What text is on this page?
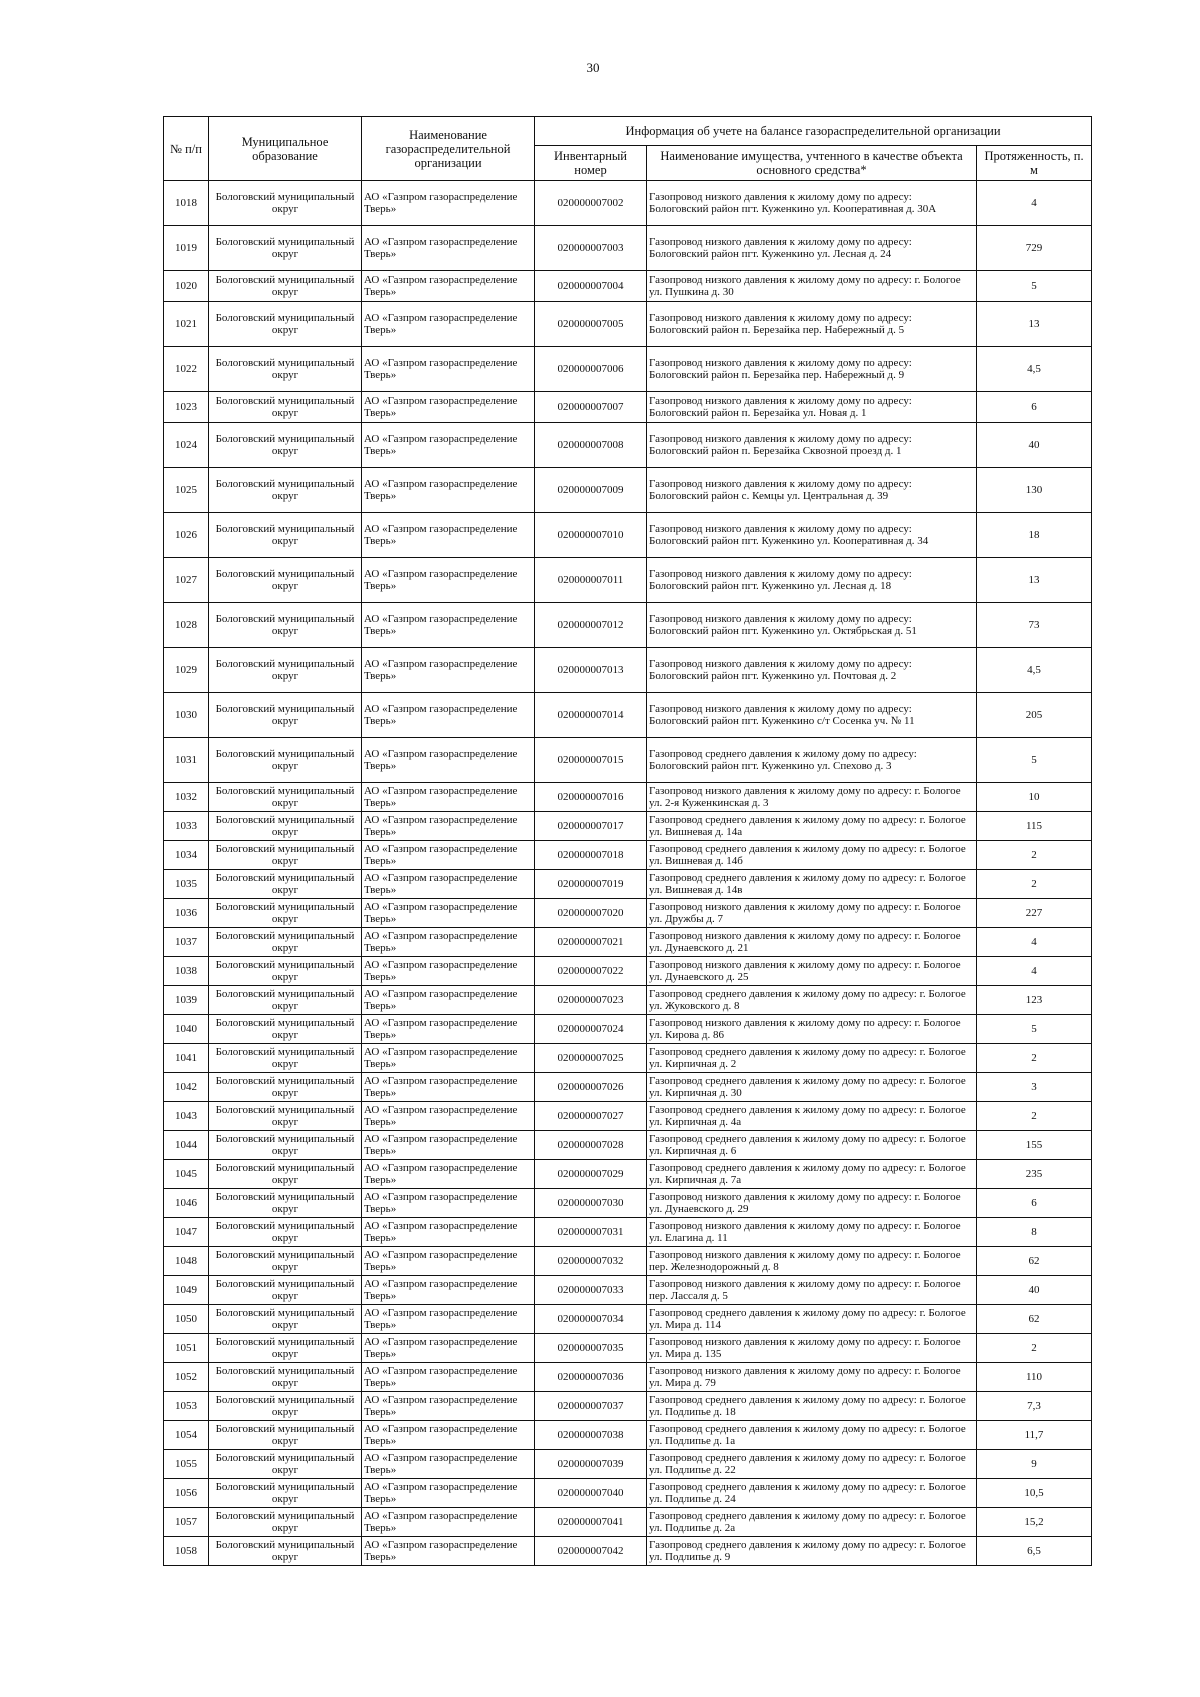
30
№ п/п	Муниципальное образование	Наименование газораспределительной организации	Информация об учете на балансе газораспределительной организации		
			Инвентарный номер	Наименование имущества, учтенного в качестве объекта основного средства*	Протяженность, п. м
1018	Бологовский муниципальный округ	АО «Газпром газораспределение Тверь»	020000007002	Газопровод низкого давления к жилому дому по адресу: Бологовский район пгт. Куженкино ул. Кооперативная д. 30А	4
1019	Бологовский муниципальный округ	АО «Газпром газораспределение Тверь»	020000007003	Газопровод низкого давления к жилому дому по адресу: Бологовский район пгт. Куженкино ул. Лесная д. 24	729
1020	Бологовский муниципальный округ	АО «Газпром газораспределение Тверь»	020000007004	Газопровод низкого давления к жилому дому по адресу: г. Бологое ул. Пушкина д. 30	5
1021	Бологовский муниципальный округ	АО «Газпром газораспределение Тверь»	020000007005	Газопровод низкого давления к жилому дому по адресу: Бологовский район п. Березайка пер. Набережный д. 5	13
1022	Бологовский муниципальный округ	АО «Газпром газораспределение Тверь»	020000007006	Газопровод низкого давления к жилому дому по адресу: Бологовский район п. Березайка пер. Набережный д. 9	4,5
1023	Бологовский муниципальный округ	АО «Газпром газораспределение Тверь»	020000007007	Газопровод низкого давления к жилому дому по адресу: Бологовский район п. Березайка ул. Новая д. 1	6
1024	Бологовский муниципальный округ	АО «Газпром газораспределение Тверь»	020000007008	Газопровод низкого давления к жилому дому по адресу: Бологовский район п. Березайка Сквозной проезд д. 1	40
1025	Бологовский муниципальный округ	АО «Газпром газораспределение Тверь»	020000007009	Газопровод низкого давления к жилому дому по адресу: Бологовский район с. Кемцы ул. Центральная д. 39	130
1026	Бологовский муниципальный округ	АО «Газпром газораспределение Тверь»	020000007010	Газопровод низкого давления к жилому дому по адресу: Бологовский район пгт. Куженкино ул. Кооперативная д. 34	18
1027	Бологовский муниципальный округ	АО «Газпром газораспределение Тверь»	020000007011	Газопровод низкого давления к жилому дому по адресу: Бологовский район пгт. Куженкино ул. Лесная д. 18	13
1028	Бологовский муниципальный округ	АО «Газпром газораспределение Тверь»	020000007012	Газопровод низкого давления к жилому дому по адресу: Бологовский район пгт. Куженкино ул. Октябрьская д. 51	73
1029	Бологовский муниципальный округ	АО «Газпром газораспределение Тверь»	020000007013	Газопровод низкого давления к жилому дому по адресу: Бологовский район пгт. Куженкино ул. Почтовая д. 2	4,5
1030	Бологовский муниципальный округ	АО «Газпром газораспределение Тверь»	020000007014	Газопровод низкого давления к жилому дому по адресу: Бологовский район пгт. Куженкино с/т Сосенка уч. № 11	205
1031	Бологовский муниципальный округ	АО «Газпром газораспределение Тверь»	020000007015	Газопровод среднего давления к жилому дому по адресу: Бологовский район пгт. Куженкино ул. Спехово д. 3	5
1032	Бологовский муниципальный округ	АО «Газпром газораспределение Тверь»	020000007016	Газопровод низкого давления к жилому дому по адресу: г. Бологое ул. 2-я Куженкинская д. 3	10
1033	Бологовский муниципальный округ	АО «Газпром газораспределение Тверь»	020000007017	Газопровод среднего давления к жилому дому по адресу: г. Бологое ул. Вишневая д. 14а	115
1034	Бологовский муниципальный округ	АО «Газпром газораспределение Тверь»	020000007018	Газопровод среднего давления к жилому дому по адресу: г. Бологое ул. Вишневая д. 14б	2
1035	Бологовский муниципальный округ	АО «Газпром газораспределение Тверь»	020000007019	Газопровод среднего давления к жилому дому по адресу: г. Бологое ул. Вишневая д. 14в	2
1036	Бологовский муниципальный округ	АО «Газпром газораспределение Тверь»	020000007020	Газопровод низкого давления к жилому дому по адресу: г. Бологое ул. Дружбы д. 7	227
1037	Бологовский муниципальный округ	АО «Газпром газораспределение Тверь»	020000007021	Газопровод низкого давления к жилому дому по адресу: г. Бологое ул. Дунаевского д. 21	4
1038	Бологовский муниципальный округ	АО «Газпром газораспределение Тверь»	020000007022	Газопровод низкого давления к жилому дому по адресу: г. Бологое ул. Дунаевского д. 25	4
1039	Бологовский муниципальный округ	АО «Газпром газораспределение Тверь»	020000007023	Газопровод среднего давления к жилому дому по адресу: г. Бологое ул. Жуковского д. 8	123
1040	Бологовский муниципальный округ	АО «Газпром газораспределение Тверь»	020000007024	Газопровод низкого давления к жилому дому по адресу: г. Бологое ул. Кирова д. 86	5
1041	Бологовский муниципальный округ	АО «Газпром газораспределение Тверь»	020000007025	Газопровод среднего давления к жилому дому по адресу: г. Бологое ул. Кирпичная д. 2	2
1042	Бологовский муниципальный округ	АО «Газпром газораспределение Тверь»	020000007026	Газопровод среднего давления к жилому дому по адресу: г. Бологое ул. Кирпичная д. 30	3
1043	Бологовский муниципальный округ	АО «Газпром газораспределение Тверь»	020000007027	Газопровод среднего давления к жилому дому по адресу: г. Бологое ул. Кирпичная д. 4а	2
1044	Бологовский муниципальный округ	АО «Газпром газораспределение Тверь»	020000007028	Газопровод среднего давления к жилому дому по адресу: г. Бологое ул. Кирпичная д. 6	155
1045	Бологовский муниципальный округ	АО «Газпром газораспределение Тверь»	020000007029	Газопровод среднего давления к жилому дому по адресу: г. Бологое ул. Кирпичная д. 7а	235
1046	Бологовский муниципальный округ	АО «Газпром газораспределение Тверь»	020000007030	Газопровод низкого давления к жилому дому по адресу: г. Бологое ул. Дунаевского д. 29	6
1047	Бологовский муниципальный округ	АО «Газпром газораспределение Тверь»	020000007031	Газопровод низкого давления к жилому дому по адресу: г. Бологое ул. Елагина д. 11	8
1048	Бологовский муниципальный округ	АО «Газпром газораспределение Тверь»	020000007032	Газопровод низкого давления к жилому дому по адресу: г. Бологое пер. Железнодорожный д. 8	62
1049	Бологовский муниципальный округ	АО «Газпром газораспределение Тверь»	020000007033	Газопровод низкого давления к жилому дому по адресу: г. Бологое пер. Лассаля д. 5	40
1050	Бологовский муниципальный округ	АО «Газпром газораспределение Тверь»	020000007034	Газопровод среднего давления к жилому дому по адресу: г. Бологое ул. Мира д. 114	62
1051	Бологовский муниципальный округ	АО «Газпром газораспределение Тверь»	020000007035	Газопровод низкого давления к жилому дому по адресу: г. Бологое ул. Мира д. 135	2
1052	Бологовский муниципальный округ	АО «Газпром газораспределение Тверь»	020000007036	Газопровод низкого давления к жилому дому по адресу: г. Бологое ул. Мира д. 79	110
1053	Бологовский муниципальный округ	АО «Газпром газораспределение Тверь»	020000007037	Газопровод среднего давления к жилому дому по адресу: г. Бологое ул. Подлипье д. 18	7,3
1054	Бологовский муниципальный округ	АО «Газпром газораспределение Тверь»	020000007038	Газопровод среднего давления к жилому дому по адресу: г. Бологое ул. Подлипье д. 1а	11,7
1055	Бологовский муниципальный округ	АО «Газпром газораспределение Тверь»	020000007039	Газопровод среднего давления к жилому дому по адресу: г. Бологое ул. Подлипье д. 22	9
1056	Бологовский муниципальный округ	АО «Газпром газораспределение Тверь»	020000007040	Газопровод среднего давления к жилому дому по адресу: г. Бологое ул. Подлипье д. 24	10,5
1057	Бологовский муниципальный округ	АО «Газпром газораспределение Тверь»	020000007041	Газопровод среднего давления к жилому дому по адресу: г. Бологое ул. Подлипье д. 2а	15,2
1058	Бологовский муниципальный округ	АО «Газпром газораспределение Тверь»	020000007042	Газопровод среднего давления к жилому дому по адресу: г. Бологое ул. Подлипье д. 9	6,5
